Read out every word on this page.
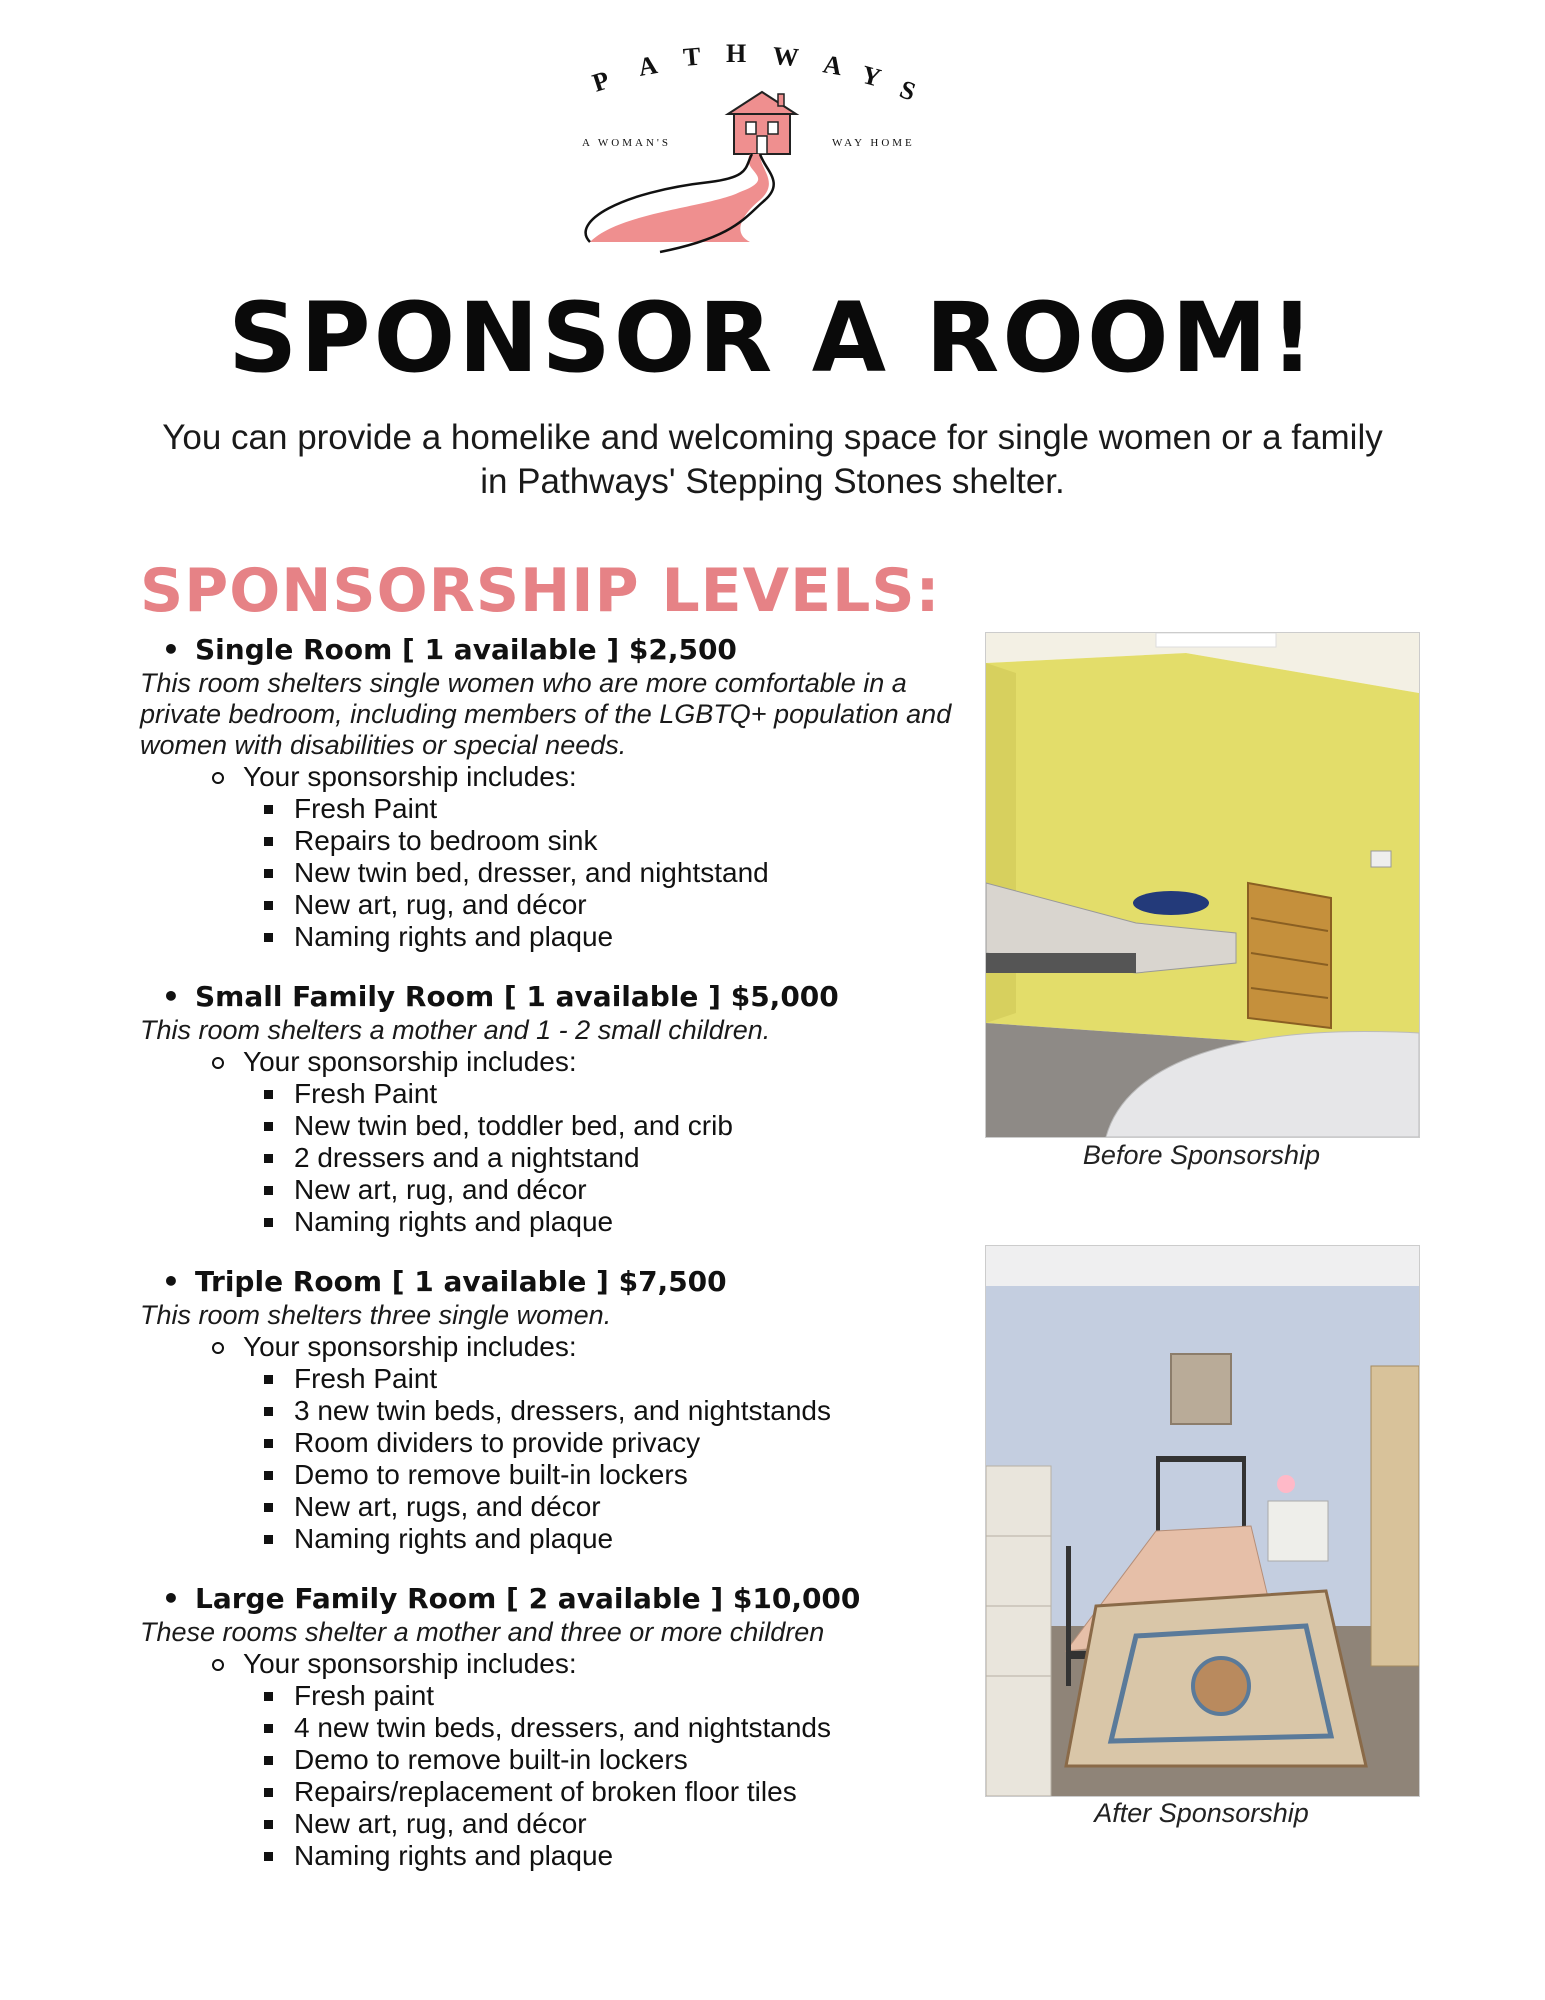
P A T H W A Y S
A WOMAN'S	WAY HOME
SPONSOR A ROOM!
You can provide a homelike and welcoming space for single women or a family in Pathways' Stepping Stones shelter.
SPONSORSHIP LEVELS:
• Single Room [ 1 available ] $2,500
This room shelters single women who are more comfortable in a private bedroom, including members of the LGBTQ+ population and women with disabilities or special needs.
Your sponsorship includes:
Fresh Paint
Repairs to bedroom sink
New twin bed, dresser, and nightstand
New art, rug, and décor
Naming rights and plaque
• Small Family Room [ 1 available ] $5,000
This room shelters a mother and 1 - 2 small children.
Your sponsorship includes:
Fresh Paint
New twin bed, toddler bed, and crib
2 dressers and a nightstand
New art, rug, and décor
Naming rights and plaque
• Triple Room [ 1 available ] $7,500
This room shelters three single women.
Your sponsorship includes:
Fresh Paint
3 new twin beds, dressers, and nightstands
Room dividers to provide privacy
Demo to remove built-in lockers
New art, rugs, and décor
Naming rights and plaque
• Large Family Room [ 2 available ] $10,000
These rooms shelter a mother and three or more children
Your sponsorship includes:
Fresh paint
4 new twin beds, dressers, and nightstands
Demo to remove built-in lockers
Repairs/replacement of broken floor tiles
New art, rug, and décor
Naming rights and plaque
Before Sponsorship
After Sponsorship
